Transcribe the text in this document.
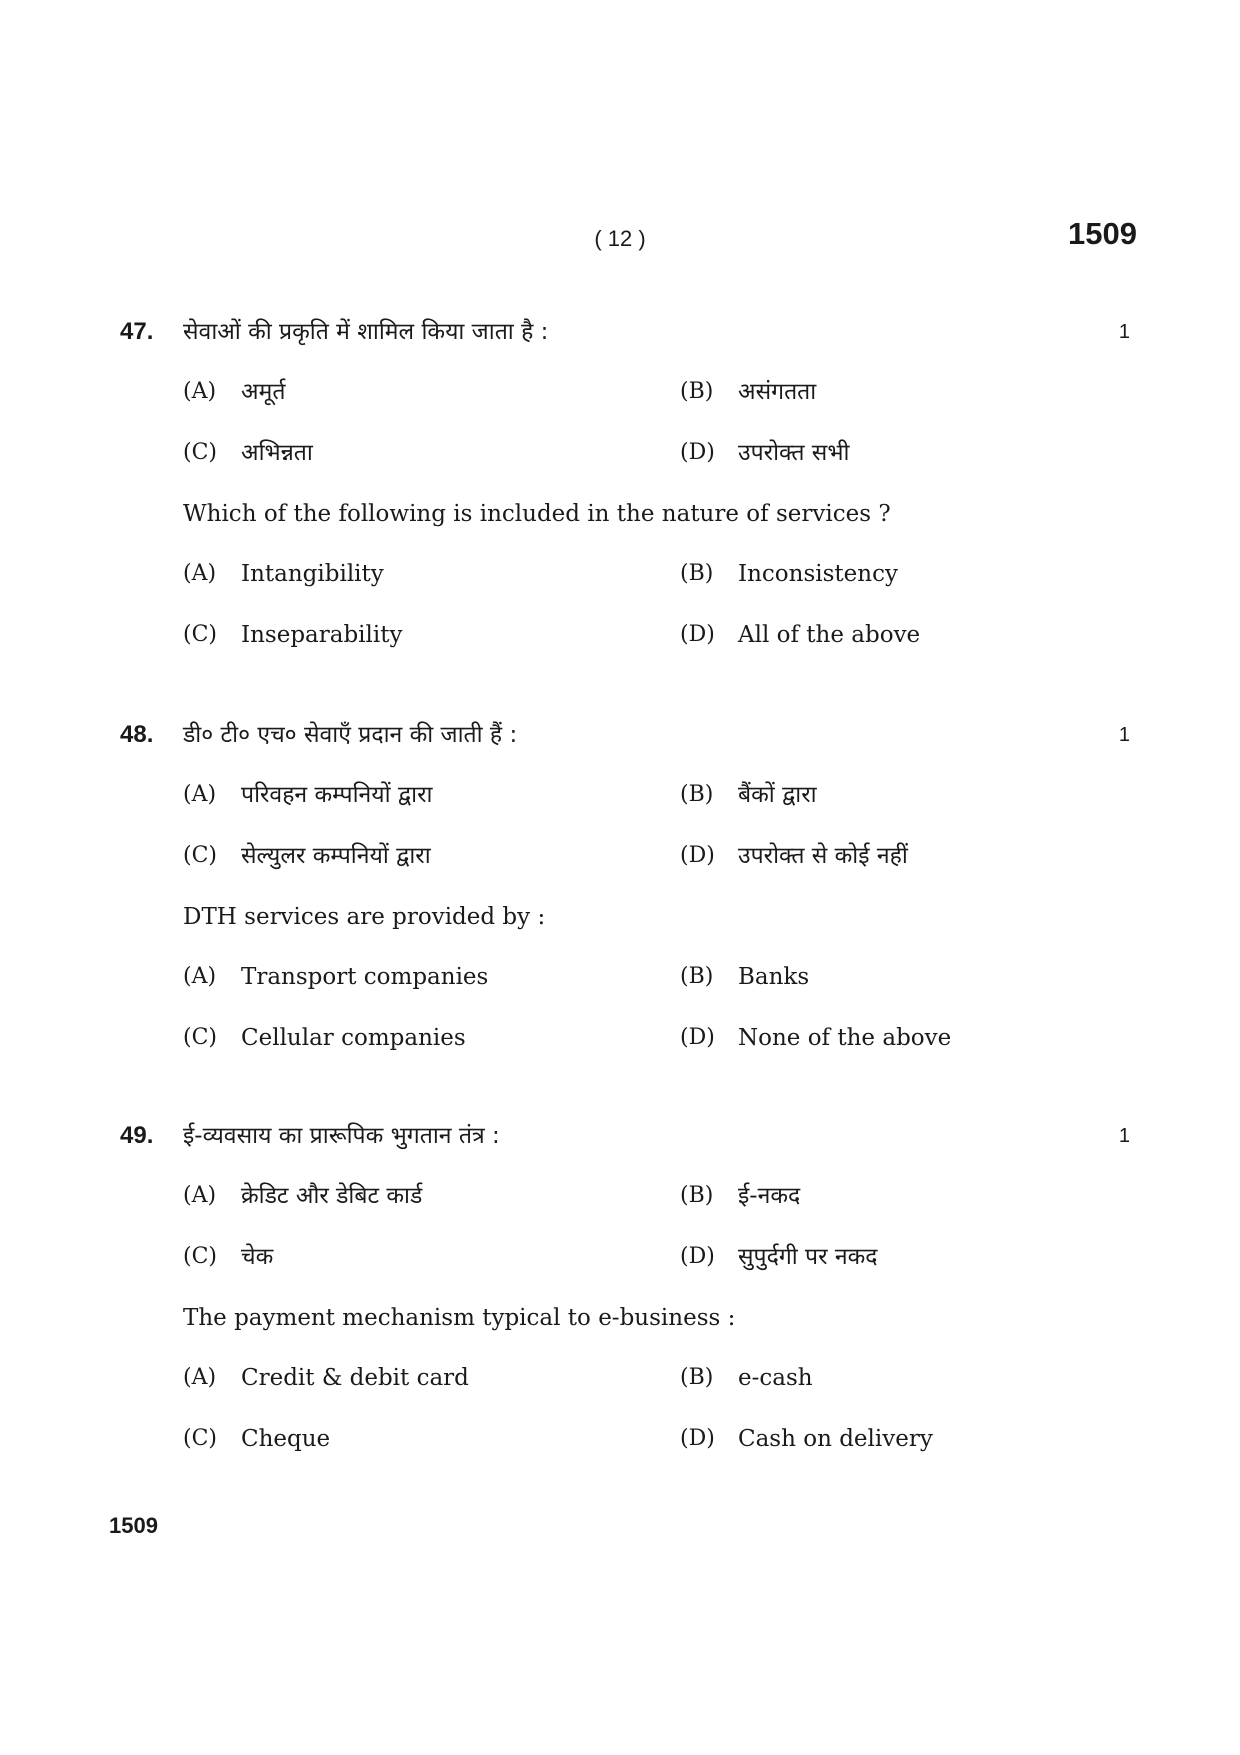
( 12 )	1509
47. सेवाओं की प्रकृति में शामिल किया जाता है :	1
(A) अमूर्त	(B) असंगतता
(C) अभिन्नता	(D) उपरोक्त सभी
Which of the following is included in the nature of services ?
(A) Intangibility	(B) Inconsistency
(C) Inseparability	(D) All of the above
48. डी० टी० एच० सेवाएँ प्रदान की जाती हैं :	1
(A) परिवहन कम्पनियों द्वारा	(B) बैंकों द्वारा
(C) सेल्युलर कम्पनियों द्वारा	(D) उपरोक्त से कोई नहीं
DTH services are provided by :
(A) Transport companies	(B) Banks
(C) Cellular companies	(D) None of the above
49. ई-व्यवसाय का प्रारूपिक भुगतान तंत्र :	1
(A) क्रेडिट और डेबिट कार्ड	(B) ई-नकद
(C) चेक	(D) सुपुर्दगी पर नकद
The payment mechanism typical to e-business :
(A) Credit & debit card	(B) e-cash
(C) Cheque	(D) Cash on delivery
1509
